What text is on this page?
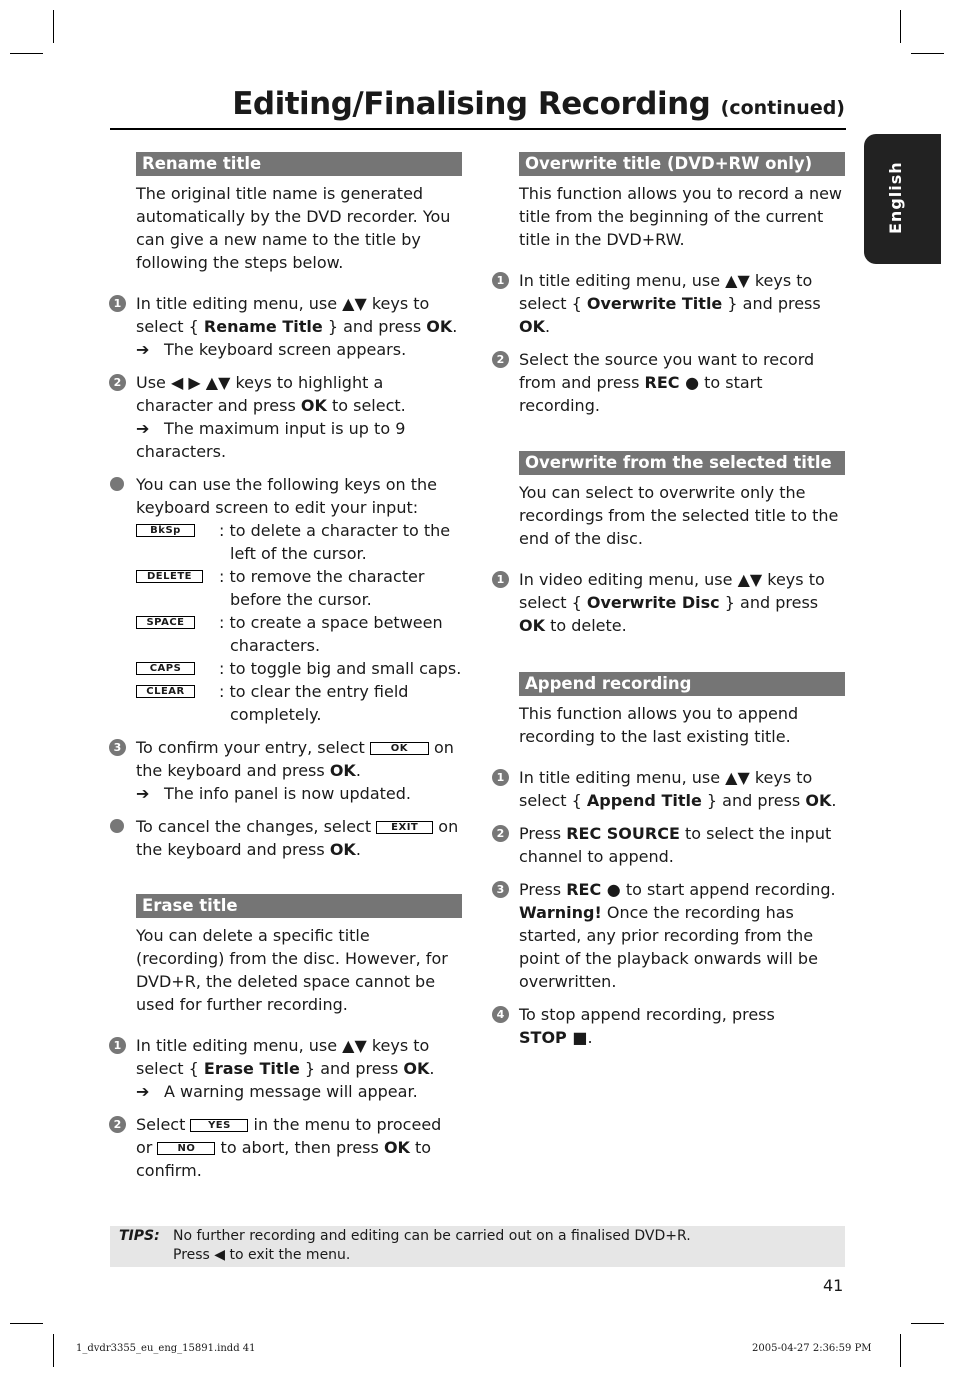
Editing/Finalising Recording (continued)
English
Rename title
The original title name is generated automatically by the DVD recorder. You can give a new name to the title by following the steps below.
1 In title editing menu, use ▲▼ keys to select { Rename Title } and press OK.
➔ The keyboard screen appears.
2 Use ◀ ▶ ▲▼ keys to highlight a character and press OK to select.
➔ The maximum input is up to 9 characters.
You can use the following keys on the keyboard screen to edit your input:
BkSp	: to delete a character to the left of the cursor.
DELETE	: to remove the character before the cursor.
SPACE	: to create a space between characters.
CAPS	: to toggle big and small caps.
CLEAR	: to clear the entry field completely.
3 To confirm your entry, select OK on the keyboard and press OK.
➔ The info panel is now updated.
To cancel the changes, select EXIT on the keyboard and press OK.
Erase title
You can delete a specific title (recording) from the disc. However, for DVD+R, the deleted space cannot be used for further recording.
1 In title editing menu, use ▲▼ keys to select { Erase Title } and press OK.
➔ A warning message will appear.
2 Select YES in the menu to proceed or NO to abort, then press OK to confirm.
Overwrite title (DVD+RW only)
This function allows you to record a new title from the beginning of the current title in the DVD+RW.
1 In title editing menu, use ▲▼ keys to select { Overwrite Title } and press OK.
2 Select the source you want to record from and press REC ● to start recording.
Overwrite from the selected title
You can select to overwrite only the recordings from the selected title to the end of the disc.
1 In video editing menu, use ▲▼ keys to select { Overwrite Disc } and press OK to delete.
Append recording
This function allows you to append recording to the last existing title.
1 In title editing menu, use ▲▼ keys to select { Append Title } and press OK.
2 Press REC SOURCE to select the input channel to append.
3 Press REC ● to start append recording.
Warning! Once the recording has started, any prior recording from the point of the playback onwards will be overwritten.
4 To stop append recording, press
STOP ■.
TIPS: No further recording and editing can be carried out on a finalised DVD+R.
Press ◀ to exit the menu.
41
1_dvdr3355_eu_eng_15891.indd 41	2005-04-27 2:36:59 PM
